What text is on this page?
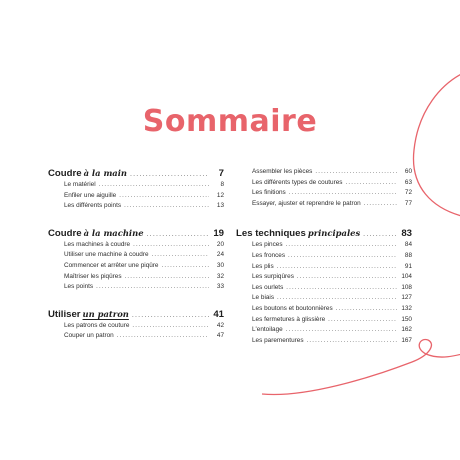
Sommaire
Coudre à la main .....	7
Le matériel .....	8
Enfiler une aiguille .....	12
Les différents points .....	13
Coudre à la machine .....	19
Les machines à coudre .....	20
Utiliser une machine à coudre .....	24
Commencer et arrêter une piqûre .....	30
Maîtriser les piqûres .....	32
Les points .....	33
Utiliser un patron .....	41
Les patrons de couture .....	42
Couper un patron .....	47
Assembler les pièces .....	60
Les différents types de coutures .....	63
Les finitions .....	72
Essayer, ajuster et reprendre le patron .....	77
Les techniques principales .....	83
Les pinces .....	84
Les fronces .....	88
Les plis .....	91
Les surpiqûres .....	104
Les ourlets .....	108
Le biais .....	127
Les boutons et boutonnières .....	132
Les fermetures à glissière .....	150
L'entoilage .....	162
Les parementures .....	167
